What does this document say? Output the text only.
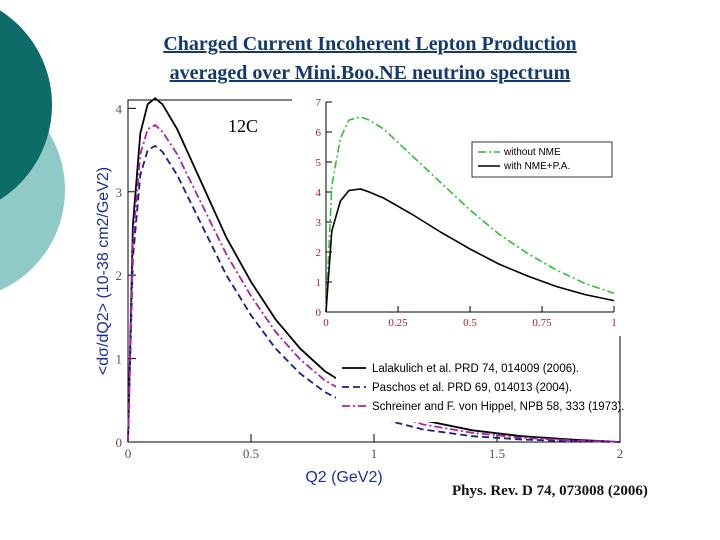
Charged Current Incoherent Lepton Production
averaged over Mini.Boo.NE neutrino spectrum
0	0.5	1	1.5	2
0
1
2
3
4
<dσ/dQ2> (10-38 cm2/GeV2)
Q2 (GeV2)
12C
Lalakulich et al. PRD 74, 014009 (2006).
Paschos et al. PRD 69, 014013 (2004).
Schreiner and F. von Hippel, NPB 58, 333 (1973).
0	0.25	0.5	0.75	1
0
1
2
3
4
5
6
7
without NME
with NME+P.A.
Phys. Rev. D 74, 073008 (2006)
